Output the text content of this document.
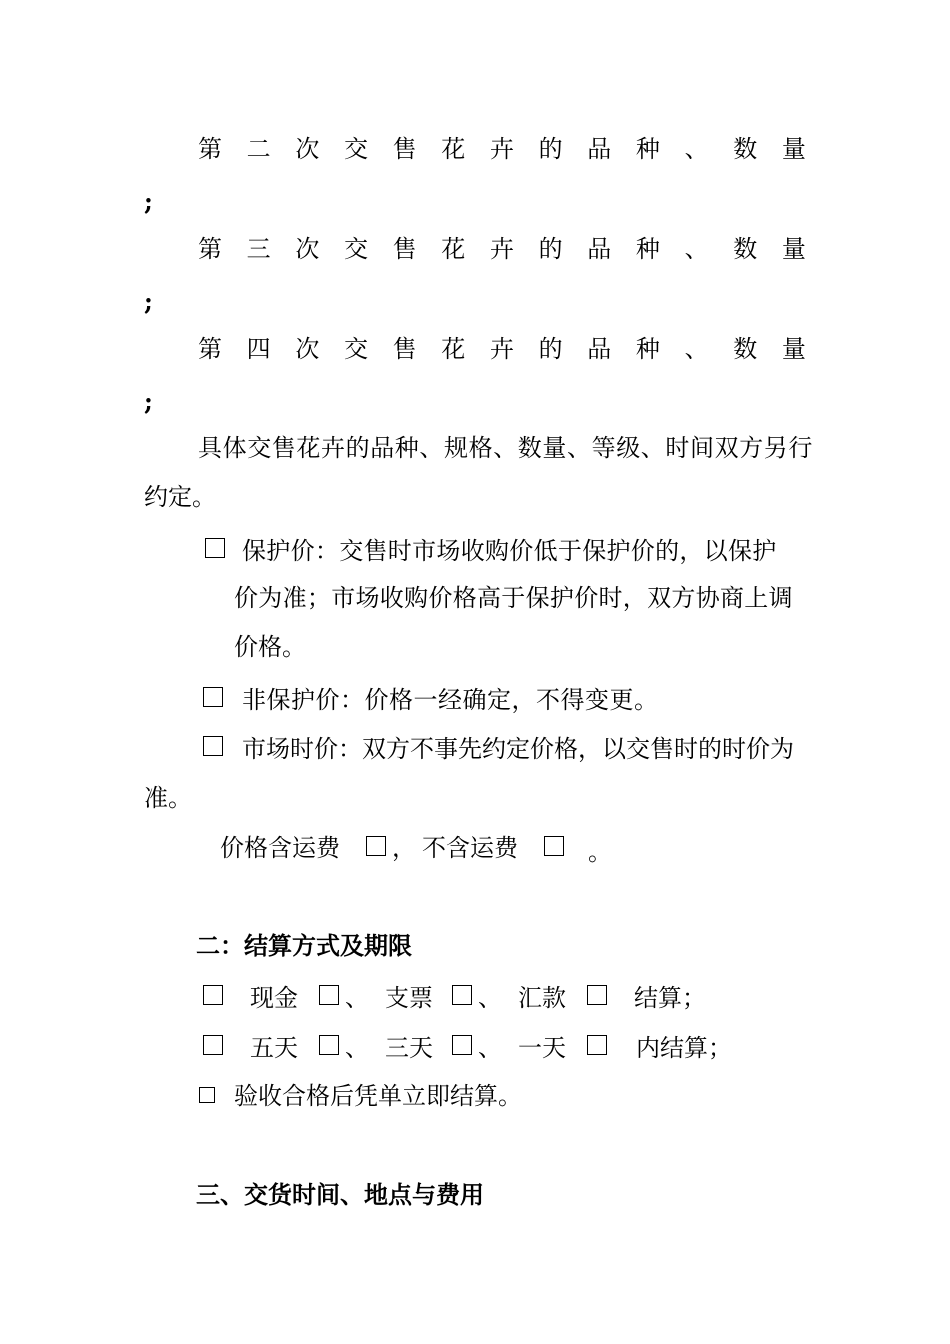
第 二 次 交 售 花 卉 的 品 种 、 数 量
;
第 三 次 交 售 花 卉 的 品 种 、 数 量
;
第 四 次 交 售 花 卉 的 品 种 、 数 量
;
具体交售花卉的品种、规格、数量、等级、时间双方另行
约定。
保护价：交售时市场收购价低于保护价的，以保护
价为准；市场收购价格高于保护价时，双方协商上调
价格。
非保护价：价格一经确定，不得变更。
市场时价：双方不事先约定价格，以交售时的时价为
准。
价格含运费 ， 不含运费	。
二：结算方式及期限
现金 、 支票 、 汇款	结算；
五天 、 三天 、 一天	内结算；
验收合格后凭单立即结算。
三、交货时间、地点与费用
